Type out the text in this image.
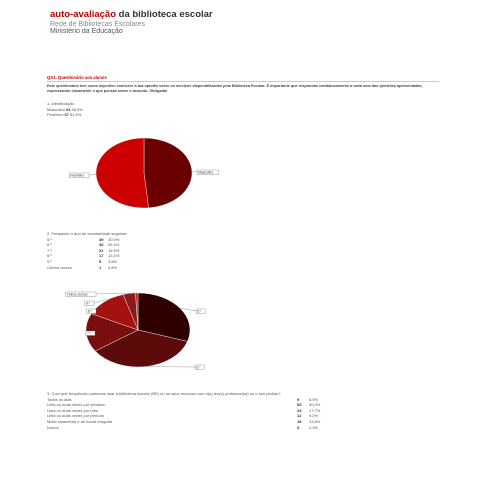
auto-avaliação da biblioteca escolar
Rede de Bibliotecas Escolares
Ministério da Educação
QA1. Questionário aos alunos
Este questionário tem como objectivo conhecer a tua opinião sobre os serviços disponibilizados pela Biblioteca Escolar. É importante que respondas cuidadosamente a cada uma das questões apresentadas, expressando claramente o que pensas sobre o assunto. Obrigada!
1. Identificação
Masculino 63 48.5%
Feminino 67 51.5%
2. Frequento o ano de escolaridade seguinte:
5.º	39	30.0%
6.º	46	35.4%
7.º	22	16.9%
8.º	17	13.1%
9.º	5	3.8%
Outros cursos	1	0.8%
3. Com que frequência costumas usar a biblioteca escolar (BE) ou os seus recursos com o(s) teu(s) professor(es) ou o seu pedido?
Todos os dias	9	6.9%
Uma ou duas vezes por semana	65	50.0%
Uma ou duas vezes por mês	23	17.7%
Uma ou duas vezes por período	12	9.2%
Muito raramente e de forma irregular	18	13.8%
Nunca	3	2.3%
Masculino
Feminino
5.º
6.º
7.º
8.º
9.º
Outros cursos
